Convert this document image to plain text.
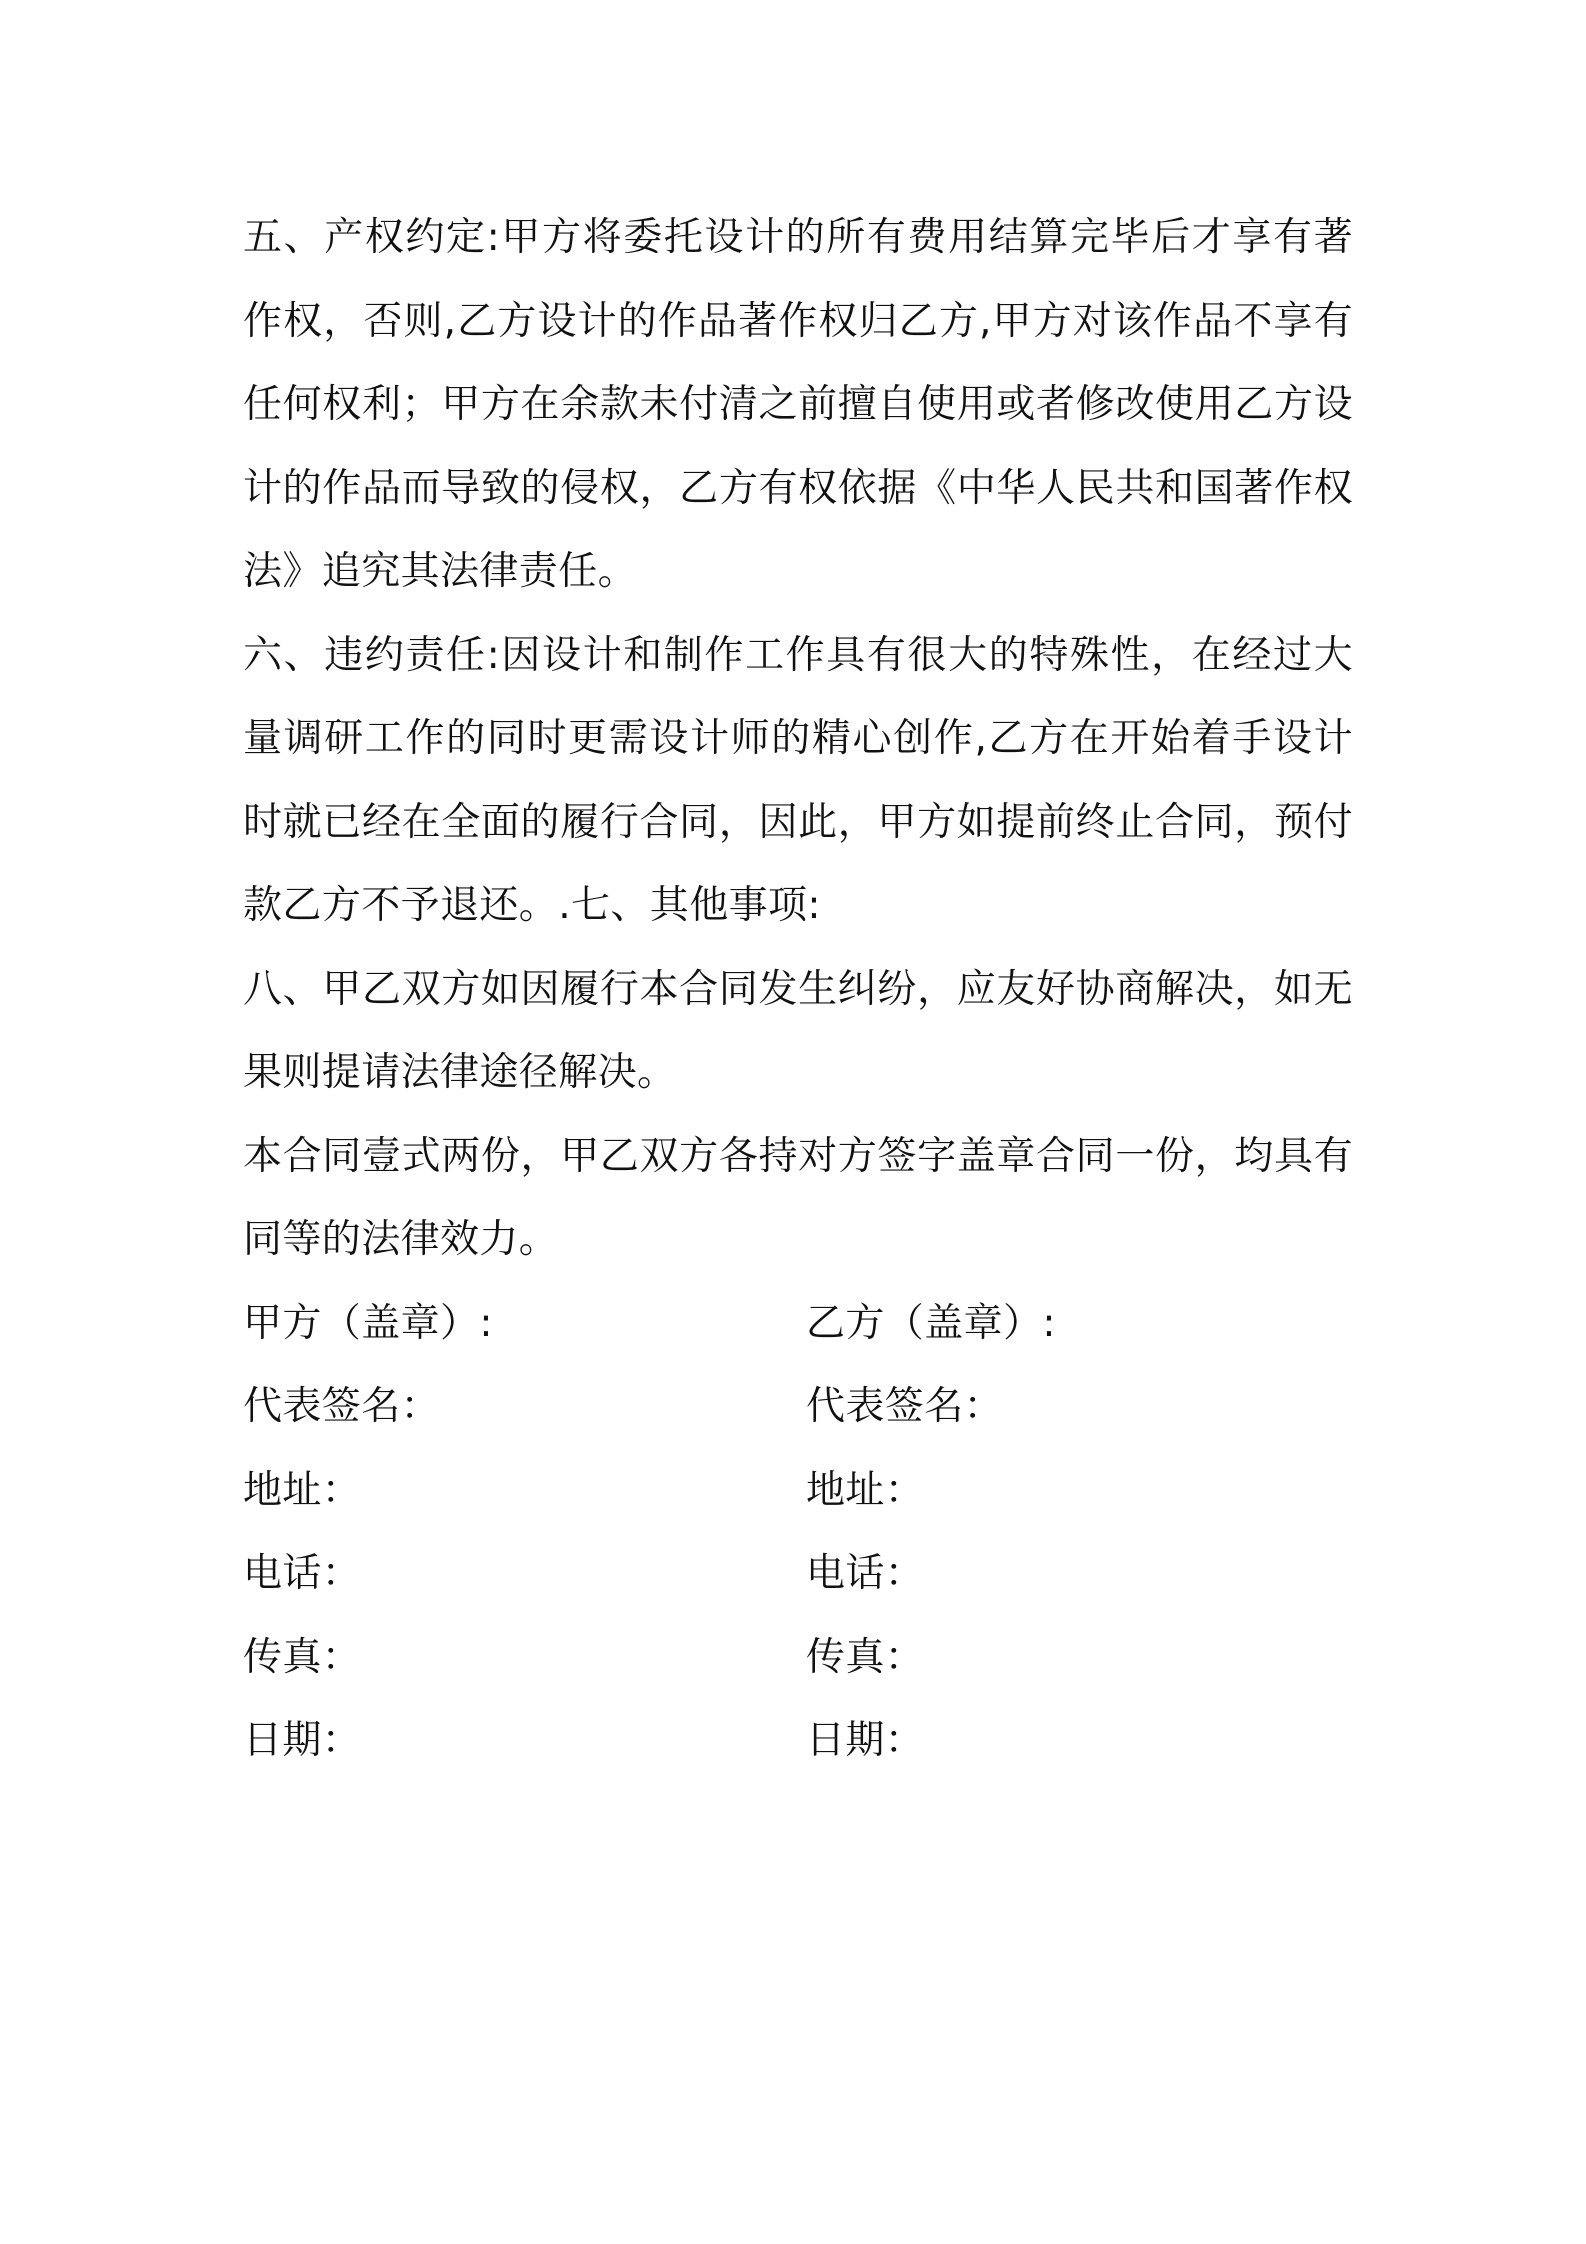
五、产权约定:甲方将委托设计的所有费用结算完毕后才享有著作权，否则,乙方设计的作品著作权归乙方,甲方对该作品不享有任何权利；甲方在余款未付清之前擅自使用或者修改使用乙方设计的作品而导致的侵权，乙方有权依据《中华人民共和国著作权法》追究其法律责任。

六、违约责任:因设计和制作工作具有很大的特殊性，在经过大量调研工作的同时更需设计师的精心创作,乙方在开始着手设计时就已经在全面的履行合同，因此，甲方如提前终止合同，预付款乙方不予退还。.七、其他事项:

八、甲乙双方如因履行本合同发生纠纷，应友好协商解决，如无果则提请法律途径解决。

本合同壹式两份，甲乙双方各持对方签字盖章合同一份，均具有同等的法律效力。

甲方（盖章）:	乙方（盖章）:
代表签名：	代表签名：
地址：	地址：
电话：	电话：
传真：	传真：
日期：	日期：
